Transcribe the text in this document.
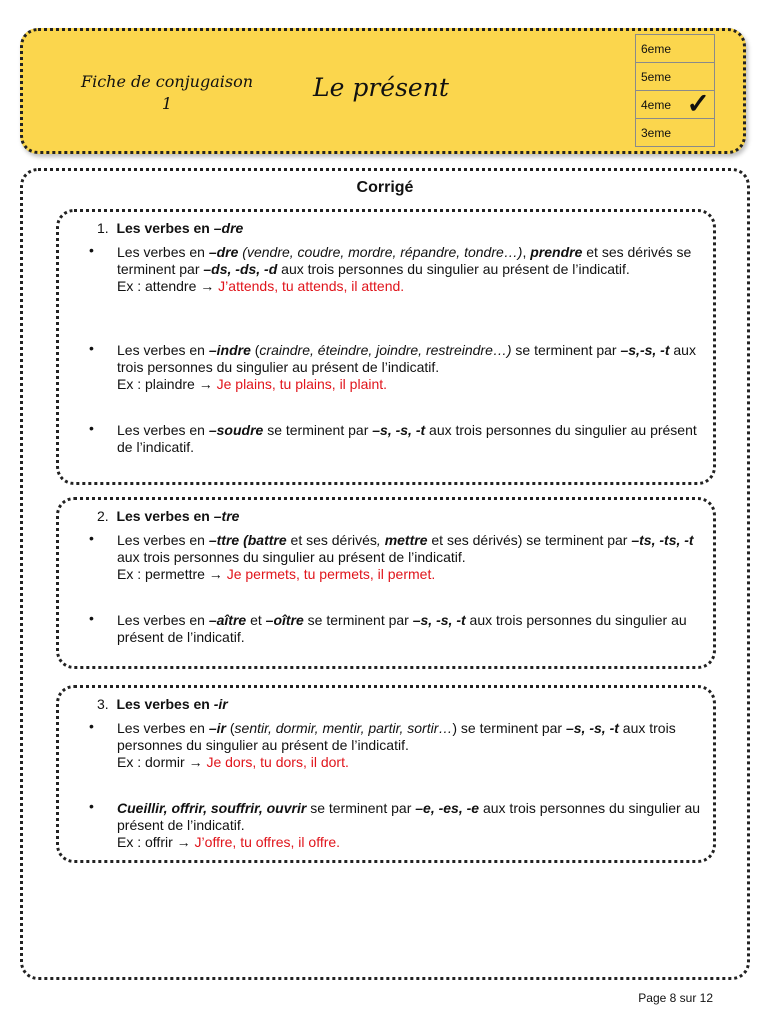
Fiche de conjugaison
1
Le présent
6eme
5eme
4eme ✓

3eme
Corrigé
1. Les verbes en –dre
• Les verbes en –dre (vendre, coudre, mordre, répandre, tondre…), prendre et ses dérivés se terminent par –ds, -ds, -d aux trois personnes du singulier au présent de l’indicatif.
Ex : attendre → J’attends, tu attends, il attend.
• Les verbes en –indre (craindre, éteindre, joindre, restreindre…) se terminent par –s,-s, -t aux trois personnes du singulier au présent de l’indicatif.
Ex : plaindre → Je plains, tu plains, il plaint.
• Les verbes en –soudre se terminent par –s, -s, -t aux trois personnes du singulier au présent de l’indicatif.
2. Les verbes en –tre
• Les verbes en –ttre (battre et ses dérivés, mettre et ses dérivés) se terminent par –ts, -ts, -t aux trois personnes du singulier au présent de l’indicatif.
Ex : permettre → Je permets, tu permets, il permet.
• Les verbes en –aître et –oître se terminent par –s, -s, -t aux trois personnes du singulier au présent de l’indicatif.
3. Les verbes en -ir
• Les verbes en –ir (sentir, dormir, mentir, partir, sortir…) se terminent par –s, -s, -t aux trois personnes du singulier au présent de l’indicatif.
Ex : dormir → Je dors, tu dors, il dort.
• Cueillir, offrir, souffrir, ouvrir se terminent par –e, -es, -e aux trois personnes du singulier au présent de l’indicatif.
Ex : offrir → J’offre, tu offres, il offre.
Page 8 sur 12
